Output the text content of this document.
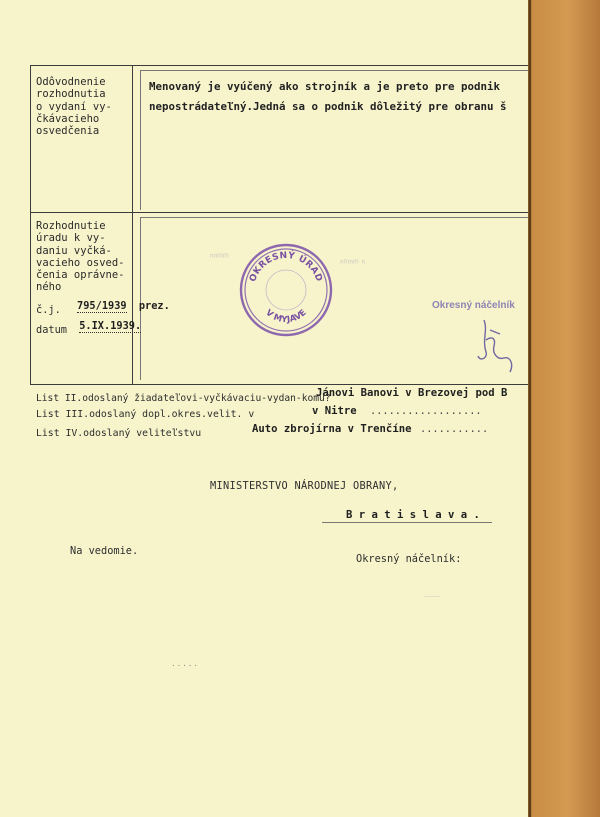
Odôvodnenie
rozhodnutia
o vydaní vy-
čkávacieho
osvedčenia
Menovaný je vyúčený ako strojník a je preto pre podnik
nepostrádateľný.Jedná sa o podnik dôležitý pre obranu š
Rozhodnutie
úradu k vy-
daniu vyčká-
vacieho osved-
čenia oprávne-
ného
č.j. 795/1939 prez.
datum 5.IX.1939.
ⁿⁿᵐᵐ
ⁿᵐⁿᵐ ⁿ
OKRESNÝ ÚRAD
V MYJAVE
Okresný náčelník
List II.odoslaný žiadateľovi-vyčkávaciu-vydan-komu?
Jánovi Banovi v Brezovej pod B
List III.odoslaný dopl.okres.velit. v	v Nitre ..................
List IV.odoslaný veliteľstvu	Auto zbrojírna v Trenčíne ...........
MINISTERSTVO NÁRODNEJ OBRANY,
B r a t i s l a v a .
Na vedomie.
Okresný náčelník:
. . . . .
ˉˉˉˉˉ
